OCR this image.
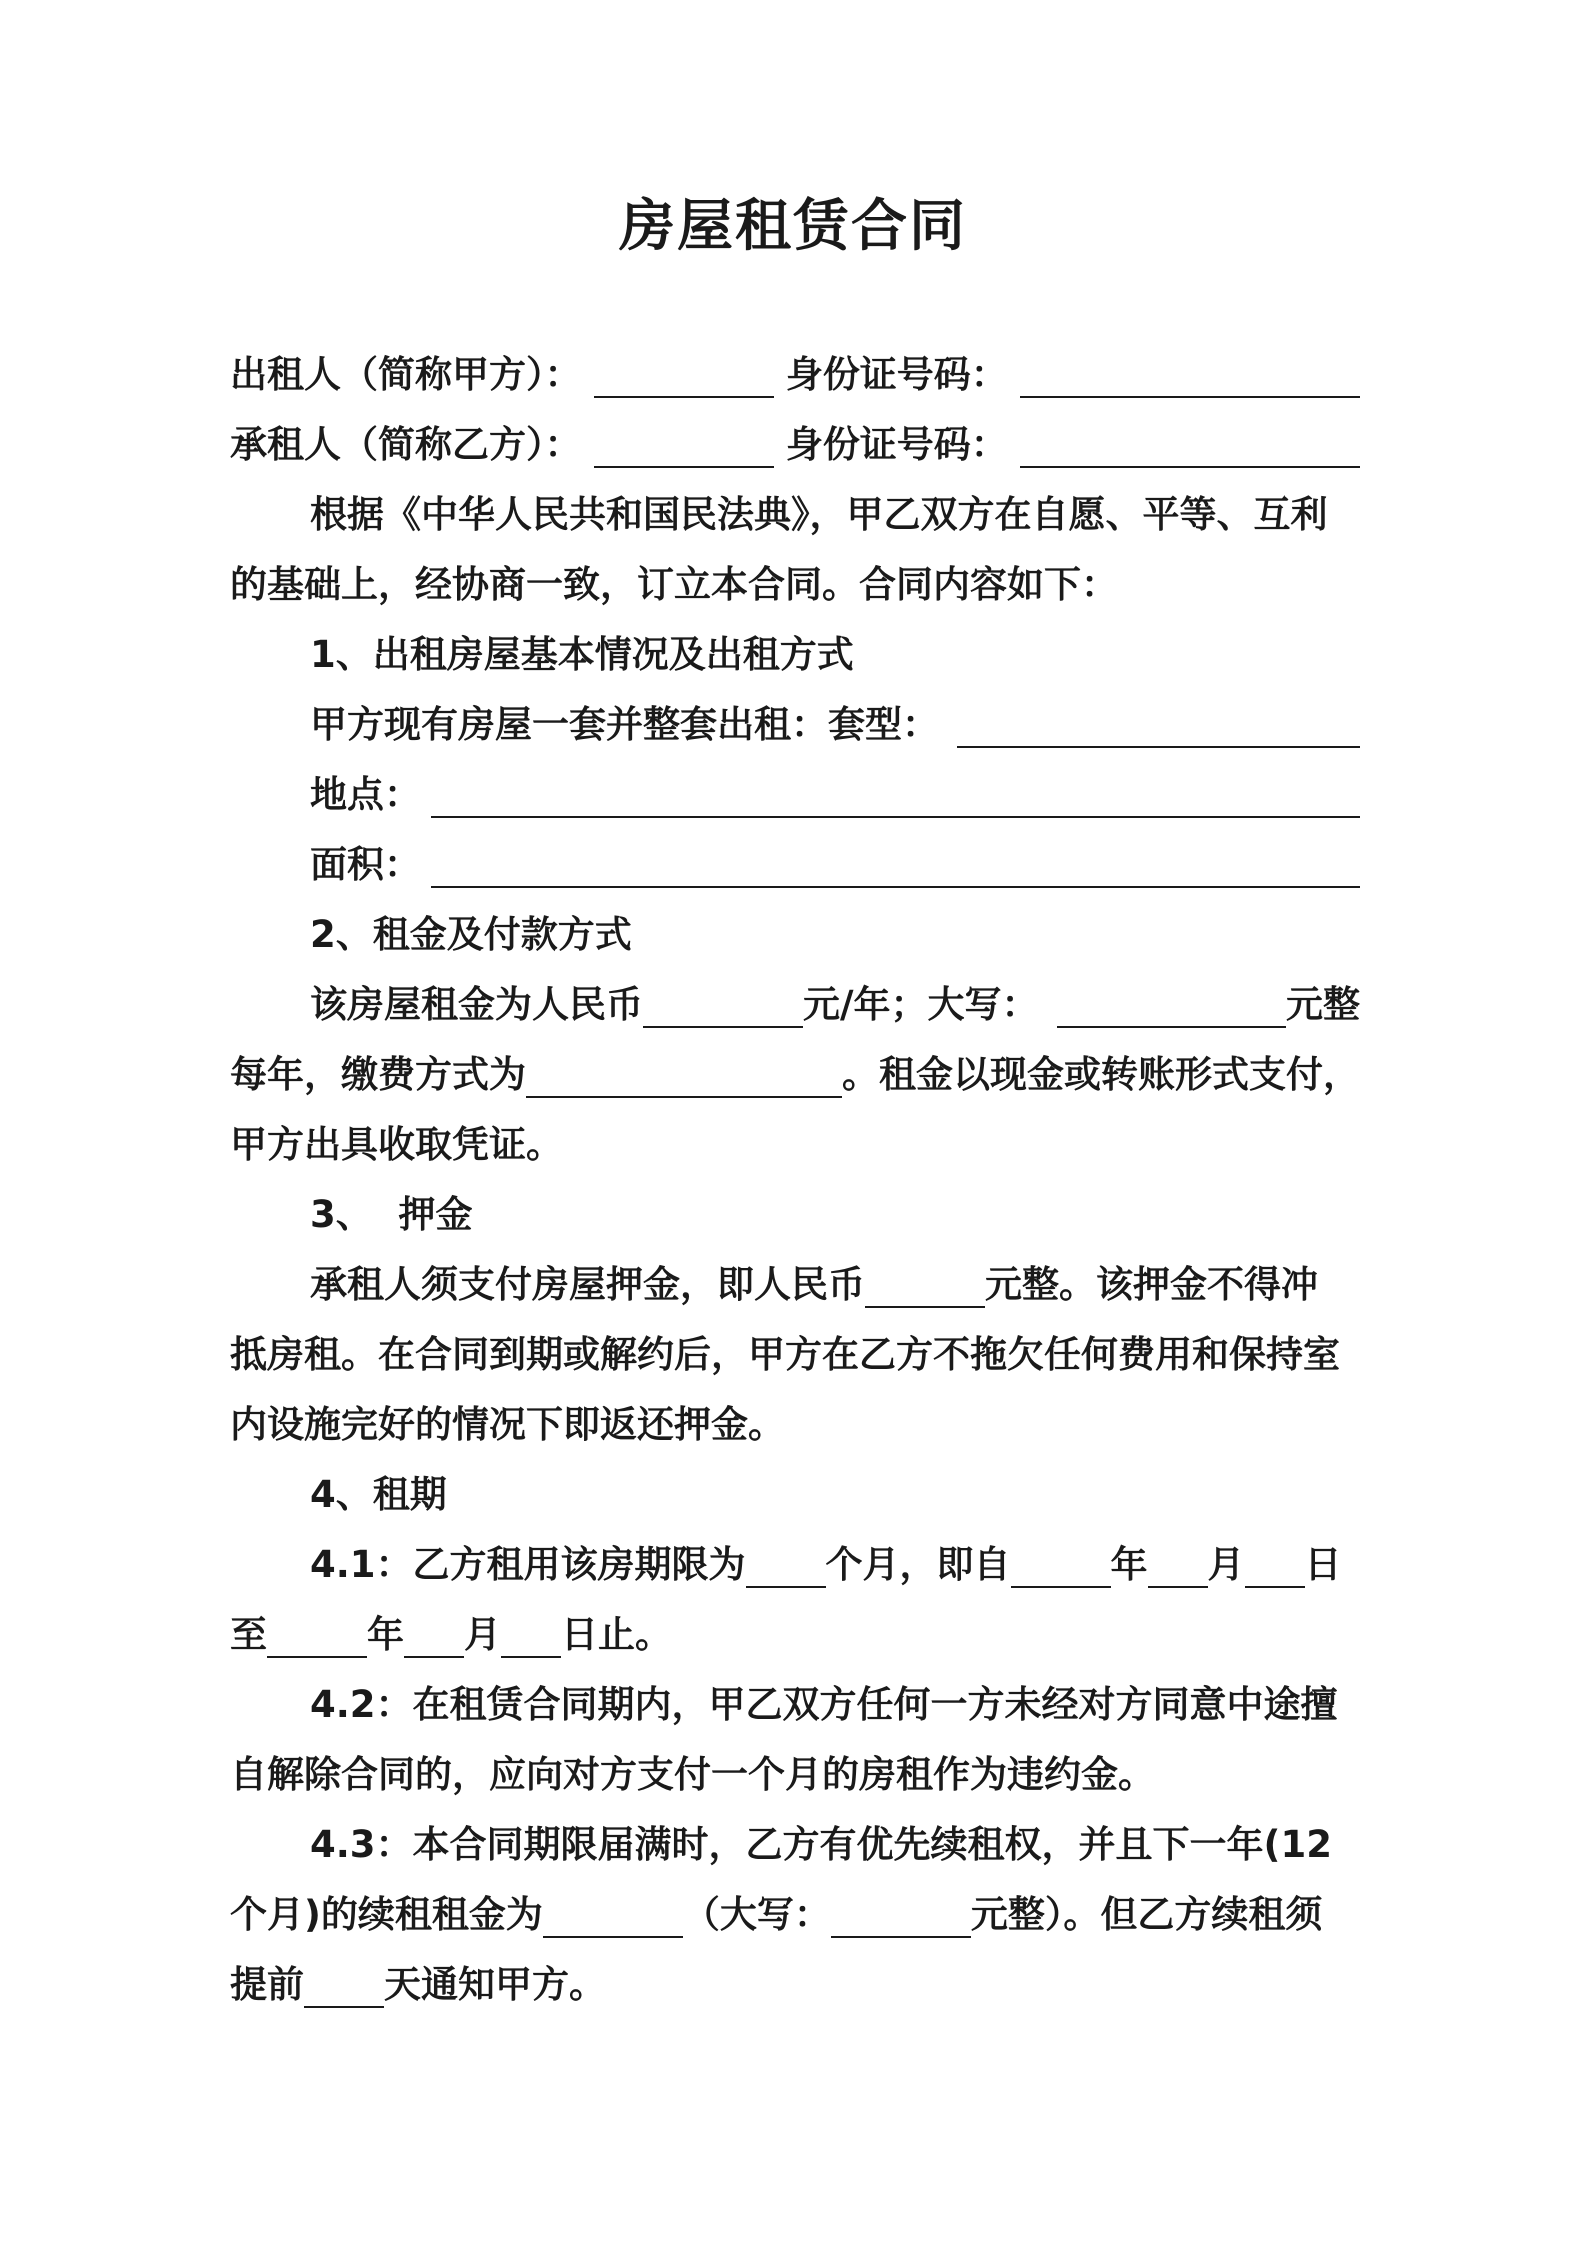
房屋租赁合同
出租人（简称甲方）：	身份证号码：
承租人（简称乙方）：	身份证号码：
根据《中华人民共和国民法典》，甲乙双方在自愿、平等、互利
的基础上，经协商一致，订立本合同。合同内容如下：
1、出租房屋基本情况及出租方式
甲方现有房屋一套并整套出租：套型：
地点：
面积：
2、租金及付款方式
该房屋租金为人民币	元/年；大写：	元整
每年，缴费方式为	。租金以现金或转账形式支付，
甲方出具收取凭证。
3、  押金
承租人须支付房屋押金，即人民币	元整。该押金不得冲
抵房租。在合同到期或解约后，甲方在乙方不拖欠任何费用和保持室
内设施完好的情况下即返还押金。
4、租期
4.1：乙方租用该房期限为 个月，即自	年 月 日
至	年 月 日止。
4.2：在租赁合同期内，甲乙双方任何一方未经对方同意中途擅
自解除合同的，应向对方支付一个月的房租作为违约金。
4.3：本合同期限届满时，乙方有优先续租权，并且下一年(12
个月)的续租租金为	（大写：	元整）。但乙方续租须
提前 天通知甲方。
